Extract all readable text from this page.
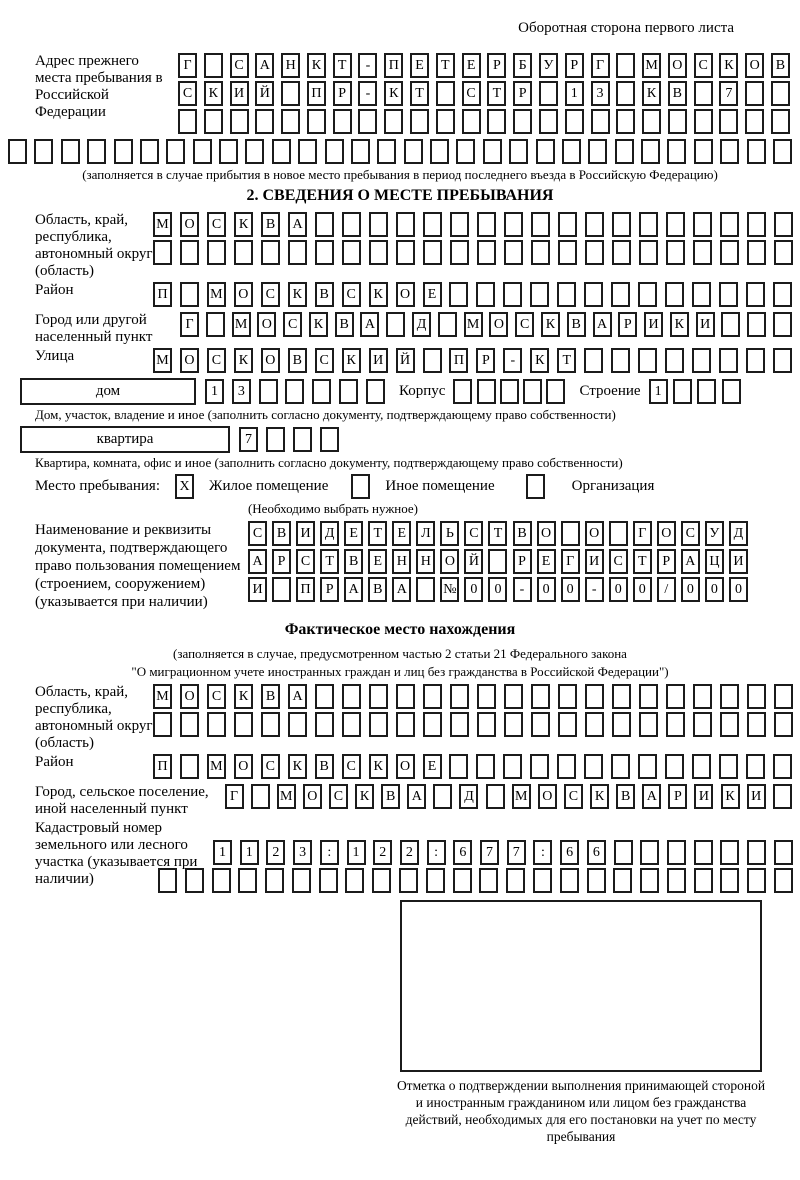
Оборотная сторона первого листа
Адрес прежнего места пребывания в Российской Федерации
Г	С	А	Н	К	Т	-	П	Е	Т	Е	Р	Б	У	Р	Г	М	О	С	К	О	В
С	К	И	Й	П	Р	-	К	Т	С	Т	Р	1	3	К	В	7
(заполняется в случае прибытия в новое место пребывания в период последнего въезда в Российскую Федерацию)
2. СВЕДЕНИЯ О МЕСТЕ ПРЕБЫВАНИЯ
Область, край, республика, автономный округ (область)
М	О	С	К	В	А
Район	П	М	О	С	К	В	С	К	О	Е
Город или другой населенный пункт
Г	М	О	С	К	В	А	Д	М	О	С	К	В	А	Р	И	К	И
Улица	М	О	С	К	О	В	С	К	И	Й	П	Р	-	К	Т
дом	1	3	Корпус	Строение	1
Дом, участок, владение и иное (заполнить согласно документу, подтверждающему право собственности)
квартира	7
Квартира, комната, офис и иное (заполнить согласно документу, подтверждающему право собственности)
Место пребывания:	X Жилое помещение	Иное помещение	Организация
(Необходимо выбрать нужное)
Наименование и реквизиты документа, подтверждающего право пользования помещением (строением, сооружением) (указывается при наличии)
С	В	И	Д	Е	Т	Е	Л	Ь	С	Т	В	О	О	Г	О	С	У	Д
А	Р	С	Т	В	Е	Н Н О Й	Р	Е	Г	И	С	Т	Р	А Ц И
И	П	Р	А	В	А	№ 0	0	-	0	0	-	0	0	/	0	0	0
Фактическое место нахождения
(заполняется в случае, предусмотренном частью 2 статьи 21 Федерального закона
"О миграционном учете иностранных граждан и лиц без гражданства в Российской Федерации")
Область, край, республика, автономный округ (область)
М	О	С	К	В	А
Район	П	М	О	С	К	В	С	К	О	Е
Город, сельское поселение, иной населенный пункт
Г	М	О	С	К	В	А	Д	М	О	С	К	В	А	Р	И	К	И
Кадастровый номер земельного или лесного участка (указывается при наличии)
1	1	2	3	:	1	2	2	:	6	7	7	:	6	6
Отметка о подтверждении выполнения принимающей стороной и иностранным гражданином или лицом без гражданства действий, необходимых для его постановки на учет по месту пребывания
